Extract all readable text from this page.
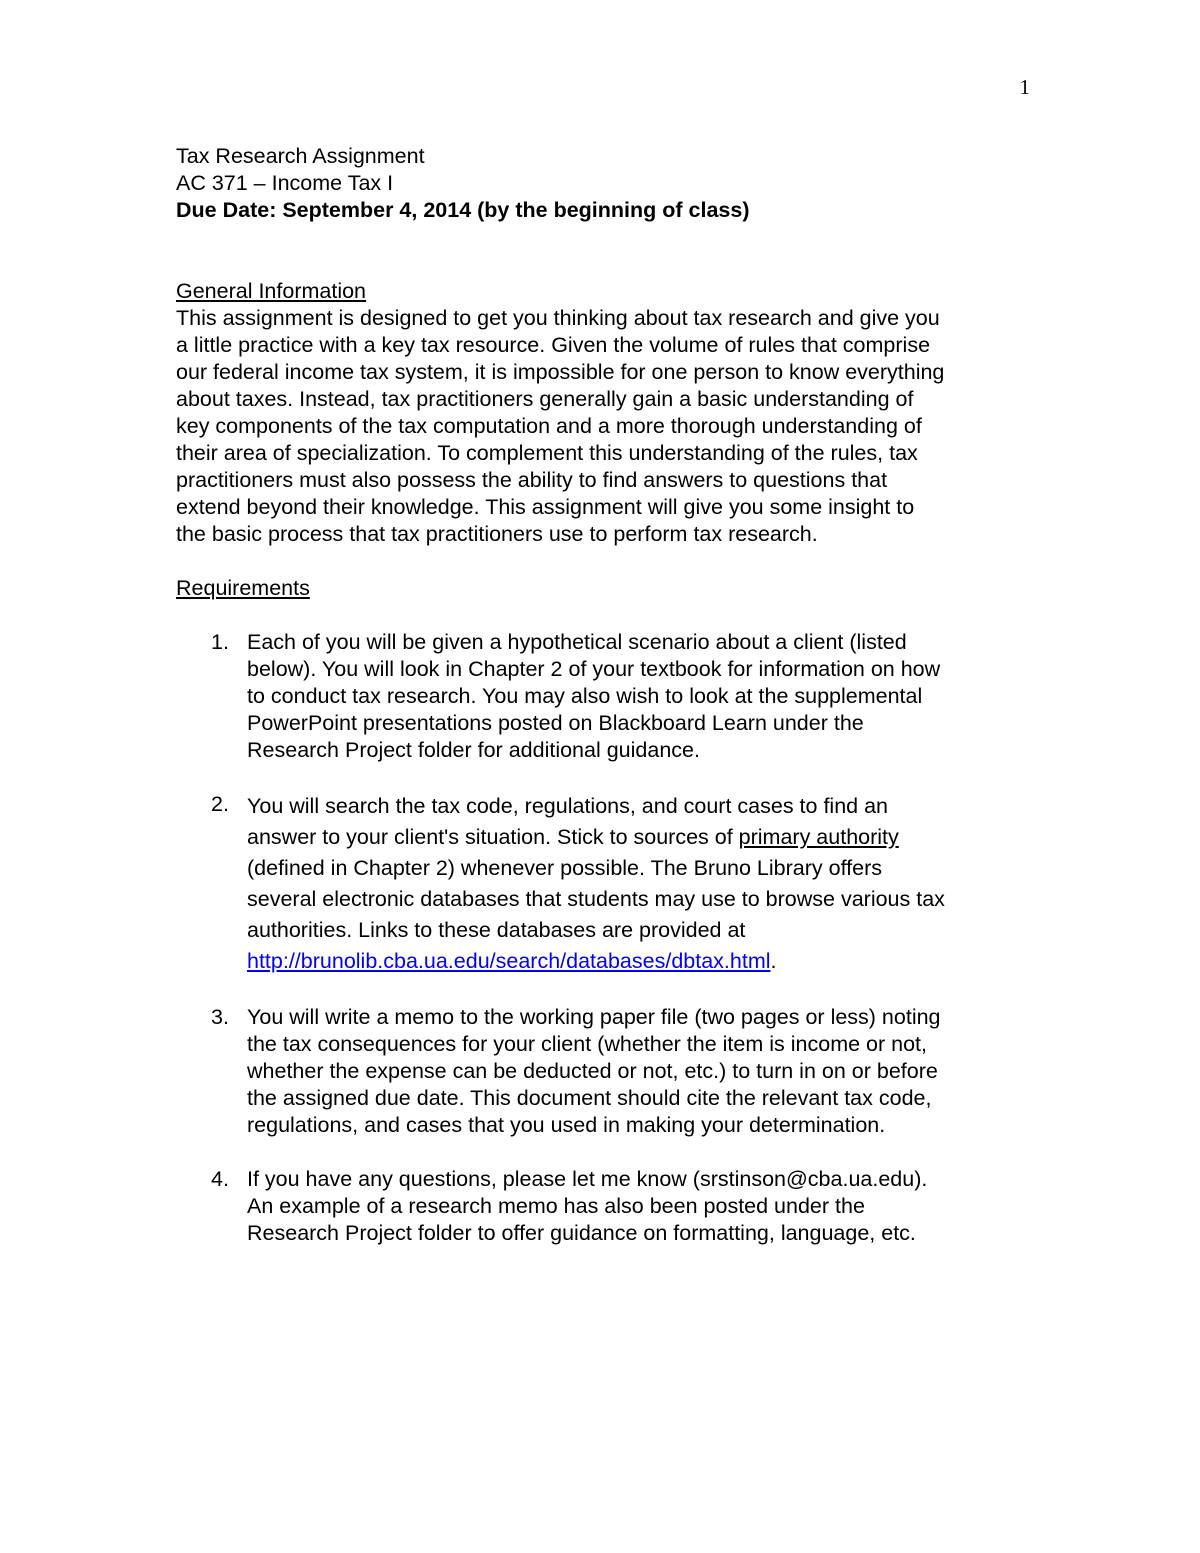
1
Tax Research Assignment
AC 371 – Income Tax I
Due Date: September 4, 2014 (by the beginning of class)
General Information
This assignment is designed to get you thinking about tax research and give you
a little practice with a key tax resource. Given the volume of rules that comprise
our federal income tax system, it is impossible for one person to know everything
about taxes. Instead, tax practitioners generally gain a basic understanding of
key components of the tax computation and a more thorough understanding of
their area of specialization. To complement this understanding of the rules, tax
practitioners must also possess the ability to find answers to questions that
extend beyond their knowledge. This assignment will give you some insight to
the basic process that tax practitioners use to perform tax research.
Requirements
1. Each of you will be given a hypothetical scenario about a client (listed
below). You will look in Chapter 2 of your textbook for information on how
to conduct tax research. You may also wish to look at the supplemental
PowerPoint presentations posted on Blackboard Learn under the
Research Project folder for additional guidance.
2. You will search the tax code, regulations, and court cases to find an
answer to your client's situation. Stick to sources of primary authority
(defined in Chapter 2) whenever possible. The Bruno Library offers
several electronic databases that students may use to browse various tax
authorities. Links to these databases are provided at
http://brunolib.cba.ua.edu/search/databases/dbtax.html.
3. You will write a memo to the working paper file (two pages or less) noting
the tax consequences for your client (whether the item is income or not,
whether the expense can be deducted or not, etc.) to turn in on or before
the assigned due date. This document should cite the relevant tax code,
regulations, and cases that you used in making your determination.
4. If you have any questions, please let me know (srstinson@cba.ua.edu).
An example of a research memo has also been posted under the
Research Project folder to offer guidance on formatting, language, etc.
